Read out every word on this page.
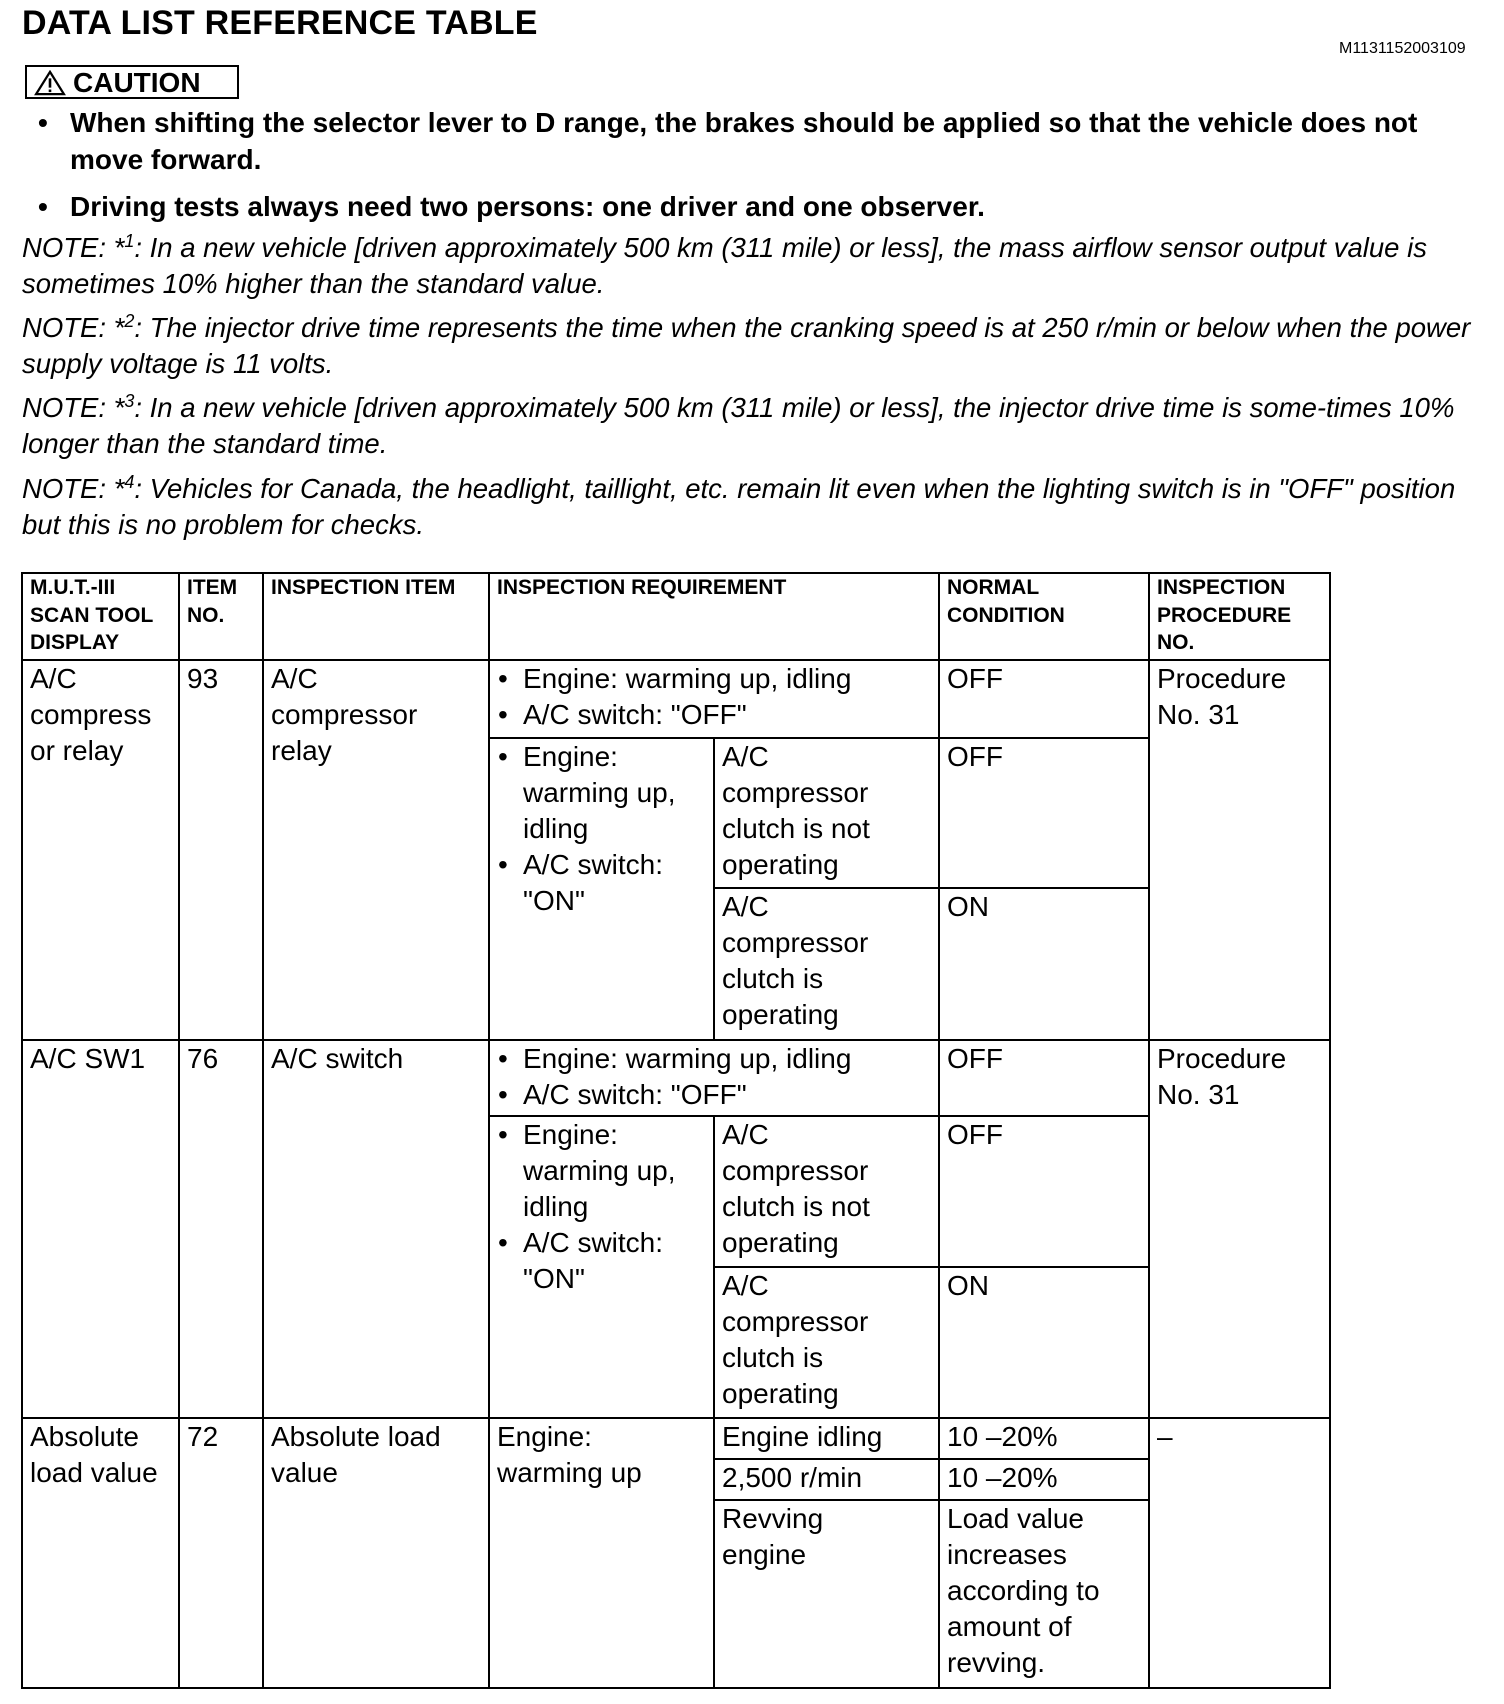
DATA LIST REFERENCE TABLE
M1131152003109
CAUTION
• When shifting the selector lever to D range, the brakes should be applied so that the vehicle does not move forward.
• Driving tests always need two persons: one driver and one observer.

NOTE: *$^1$: In a new vehicle [driven approximately 500 km (311 mile) or less], the mass airflow sensor output value is sometimes 10% higher than the standard value.

NOTE: *$^2$: The injector drive time represents the time when the cranking speed is at 250 r/min or below when the power supply voltage is 11 volts.

NOTE: *$^3$: In a new vehicle [driven approximately 500 km (311 mile) or less], the injector drive time is some-times 10% longer than the standard time.

NOTE: *$^4$: Vehicles for Canada, the headlight, taillight, etc. remain lit even when the lighting switch is in "OFF" position but this is no problem for checks.

M.U.T.-III
SCAN TOOL
DISPLAY
ITEM
NO.
INSPECTION ITEM INSPECTION REQUIREMENT	NORMAL
CONDITION
INSPECTION
PROCEDURE
NO.
A/C
compress
or relay
93 A/C
compressor
relay
• Engine: warming up, idling
• A/C switch: "OFF"
OFF
• Engine:
warming up,
idling
• A/C switch:
"ON"
A/C
compressor
clutch is not
operating
OFF
A/C
compressor
clutch is
operating
ON
Procedure
No. 31
A/C SW1 76 A/C switch
•	Engine: warming up, idling
• A/C switch: "OFF"
OFF
• Engine:
warming up,
idling
• A/C switch:
"ON"
A/C
compressor
clutch is not
operating
OFF
A/C
compressor
clutch is
operating
ON
Procedure
No. 31
Absolute
load value
72 Absolute load
value
Engine:
warming up
Engine idling 10 –20%
2,500 r/min	10 –20%
Revving
engine
Load value
increases
according to
amount of
revving.
–
